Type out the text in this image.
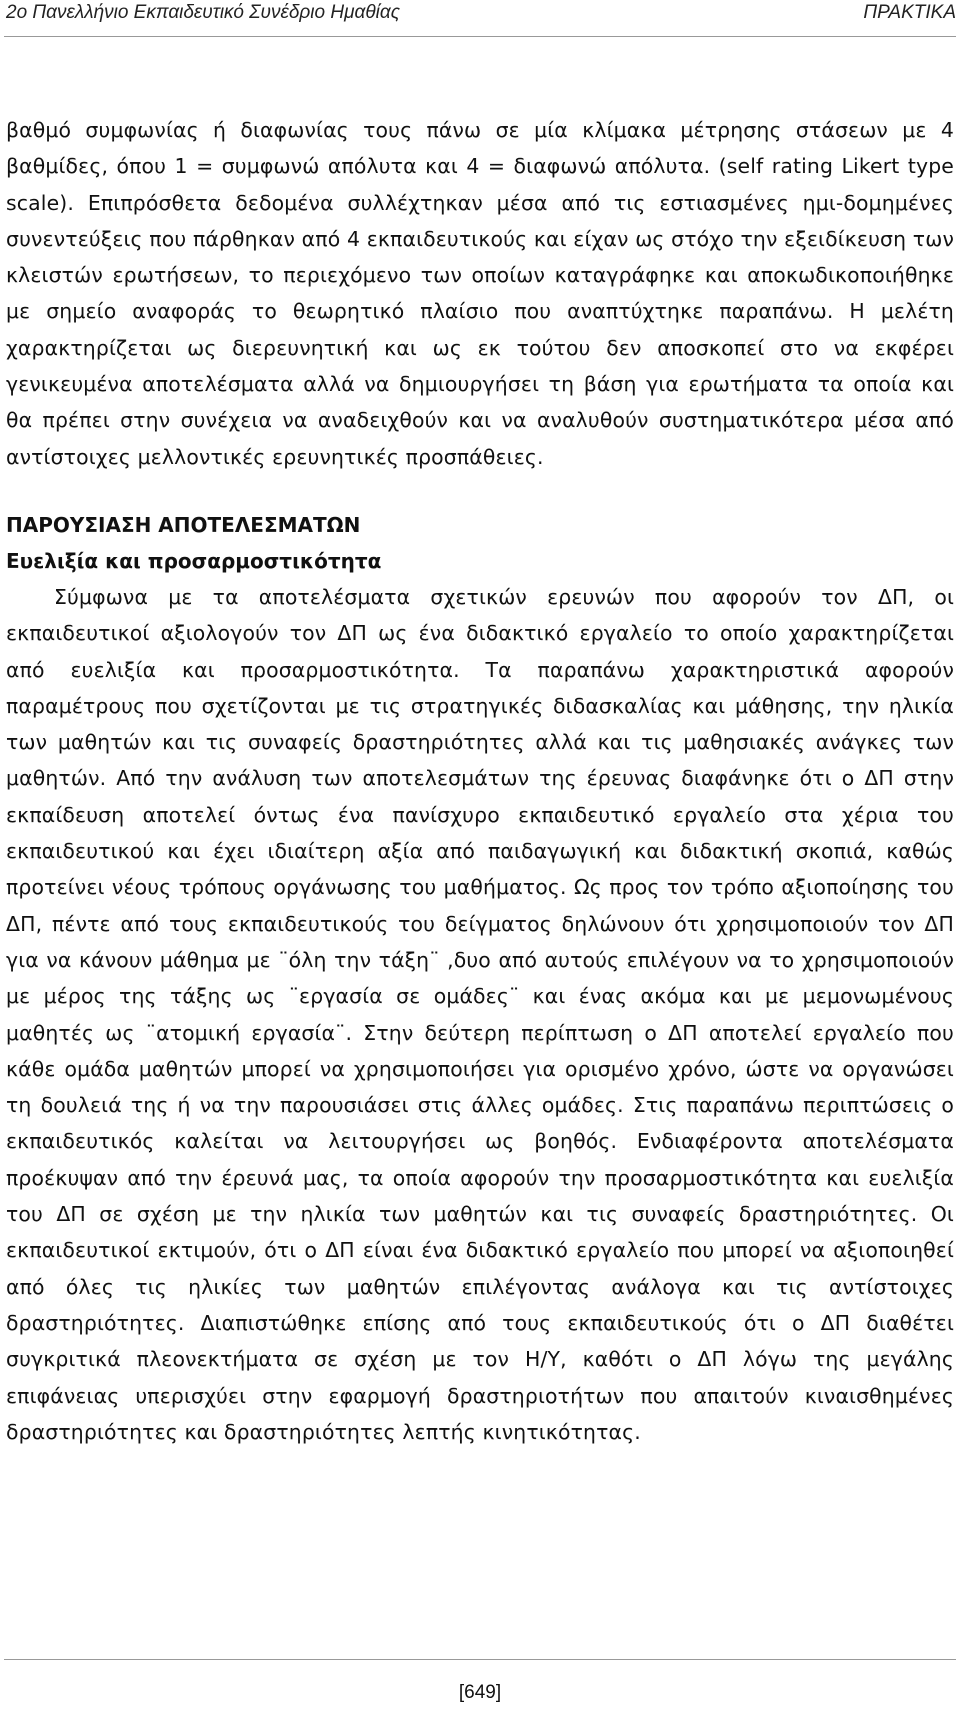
2ο Πανελλήνιο Εκπαιδευτικό Συνέδριο Ημαθίας	ΠΡΑΚΤΙΚΑ

βαθμό συμφωνίας ή διαφωνίας τους πάνω σε μία κλίμακα μέτρησης στάσεων με 4 βαθμίδες, όπου 1 = συμφωνώ απόλυτα και 4 = διαφωνώ απόλυτα. (self rating Likert type scale). Επιπρόσθετα δεδομένα συλλέχτηκαν μέσα από τις εστιασμένες ημι-δομημένες συνεντεύξεις που πάρθηκαν από 4 εκπαιδευτικούς και είχαν ως στόχο την εξειδίκευση των κλειστών ερωτήσεων, το περιεχόμενο των οποίων καταγράφηκε και αποκωδικοποιήθηκε με σημείο αναφοράς το θεωρητικό πλαίσιο που αναπτύχτηκε παραπάνω. Η μελέτη χαρακτηρίζεται ως διερευνητική και ως εκ τούτου δεν αποσκοπεί στο να εκφέρει γενικευμένα αποτελέσματα αλλά να δημιουργήσει τη βάση για ερωτήματα τα οποία και θα πρέπει στην συνέχεια να αναδειχθούν και να αναλυθούν συστηματικότερα μέσα από αντίστοιχες μελλοντικές ερευνητικές προσπάθειες.

ΠΑΡΟΥΣΙΑΣΗ ΑΠΟΤΕΛΕΣΜΑΤΩΝ

Ευελιξία και προσαρμοστικότητα

Σύμφωνα με τα αποτελέσματα σχετικών ερευνών που αφορούν τον ΔΠ, οι εκπαιδευτικοί αξιολογούν τον ΔΠ ως ένα διδακτικό εργαλείο το οποίο χαρακτηρίζεται από ευελιξία και προσαρμοστικότητα. Τα παραπάνω χαρακτηριστικά αφορούν παραμέτρους που σχετίζονται με τις στρατηγικές διδασκαλίας και μάθησης, την ηλικία των μαθητών και τις συναφείς δραστηριότητες αλλά και τις μαθησιακές ανάγκες των μαθητών. Από την ανάλυση των αποτελεσμάτων της έρευνας διαφάνηκε ότι ο ΔΠ στην εκπαίδευση αποτελεί όντως ένα πανίσχυρο εκπαιδευτικό εργαλείο στα χέρια του εκπαιδευτικού και έχει ιδιαίτερη αξία από παιδαγωγική και διδακτική σκοπιά, καθώς προτείνει νέους τρόπους οργάνωσης του μαθήματος. Ως προς τον τρόπο αξιοποίησης του ΔΠ, πέντε από τους εκπαιδευτικούς του δείγματος δηλώνουν ότι χρησιμοποιούν τον ΔΠ για να κάνουν μάθημα με ¨όλη την τάξη¨ ,δυο από αυτούς επιλέγουν να το χρησιμοποιούν με μέρος της τάξης ως ¨εργασία σε ομάδες¨ και ένας ακόμα και με μεμονωμένους μαθητές ως ¨ατομική εργασία¨. Στην δεύτερη περίπτωση ο ΔΠ αποτελεί εργαλείο που κάθε ομάδα μαθητών μπορεί να χρησιμοποιήσει για ορισμένο χρόνο, ώστε να οργανώσει τη δουλειά της ή να την παρουσιάσει στις άλλες ομάδες. Στις παραπάνω περιπτώσεις ο εκπαιδευτικός καλείται να λειτουργήσει ως βοηθός. Ενδιαφέροντα αποτελέσματα προέκυψαν από την έρευνά μας, τα οποία αφορούν την προσαρμοστικότητα και ευελιξία του ΔΠ σε σχέση με την ηλικία των μαθητών και τις συναφείς δραστηριότητες. Οι εκπαιδευτικοί εκτιμούν, ότι ο ΔΠ είναι ένα διδακτικό εργαλείο που μπορεί να αξιοποιηθεί από όλες τις ηλικίες των μαθητών επιλέγοντας ανάλογα και τις αντίστοιχες δραστηριότητες. Διαπιστώθηκε επίσης από τους εκπαιδευτικούς ότι ο ΔΠ διαθέτει συγκριτικά πλεονεκτήματα σε σχέση με τον Η/Υ, καθότι ο ΔΠ λόγω της μεγάλης επιφάνειας υπερισχύει στην εφαρμογή δραστηριοτήτων που απαιτούν κιναισθημένες δραστηριότητες και δραστηριότητες λεπτής κινητικότητας.

[649]
